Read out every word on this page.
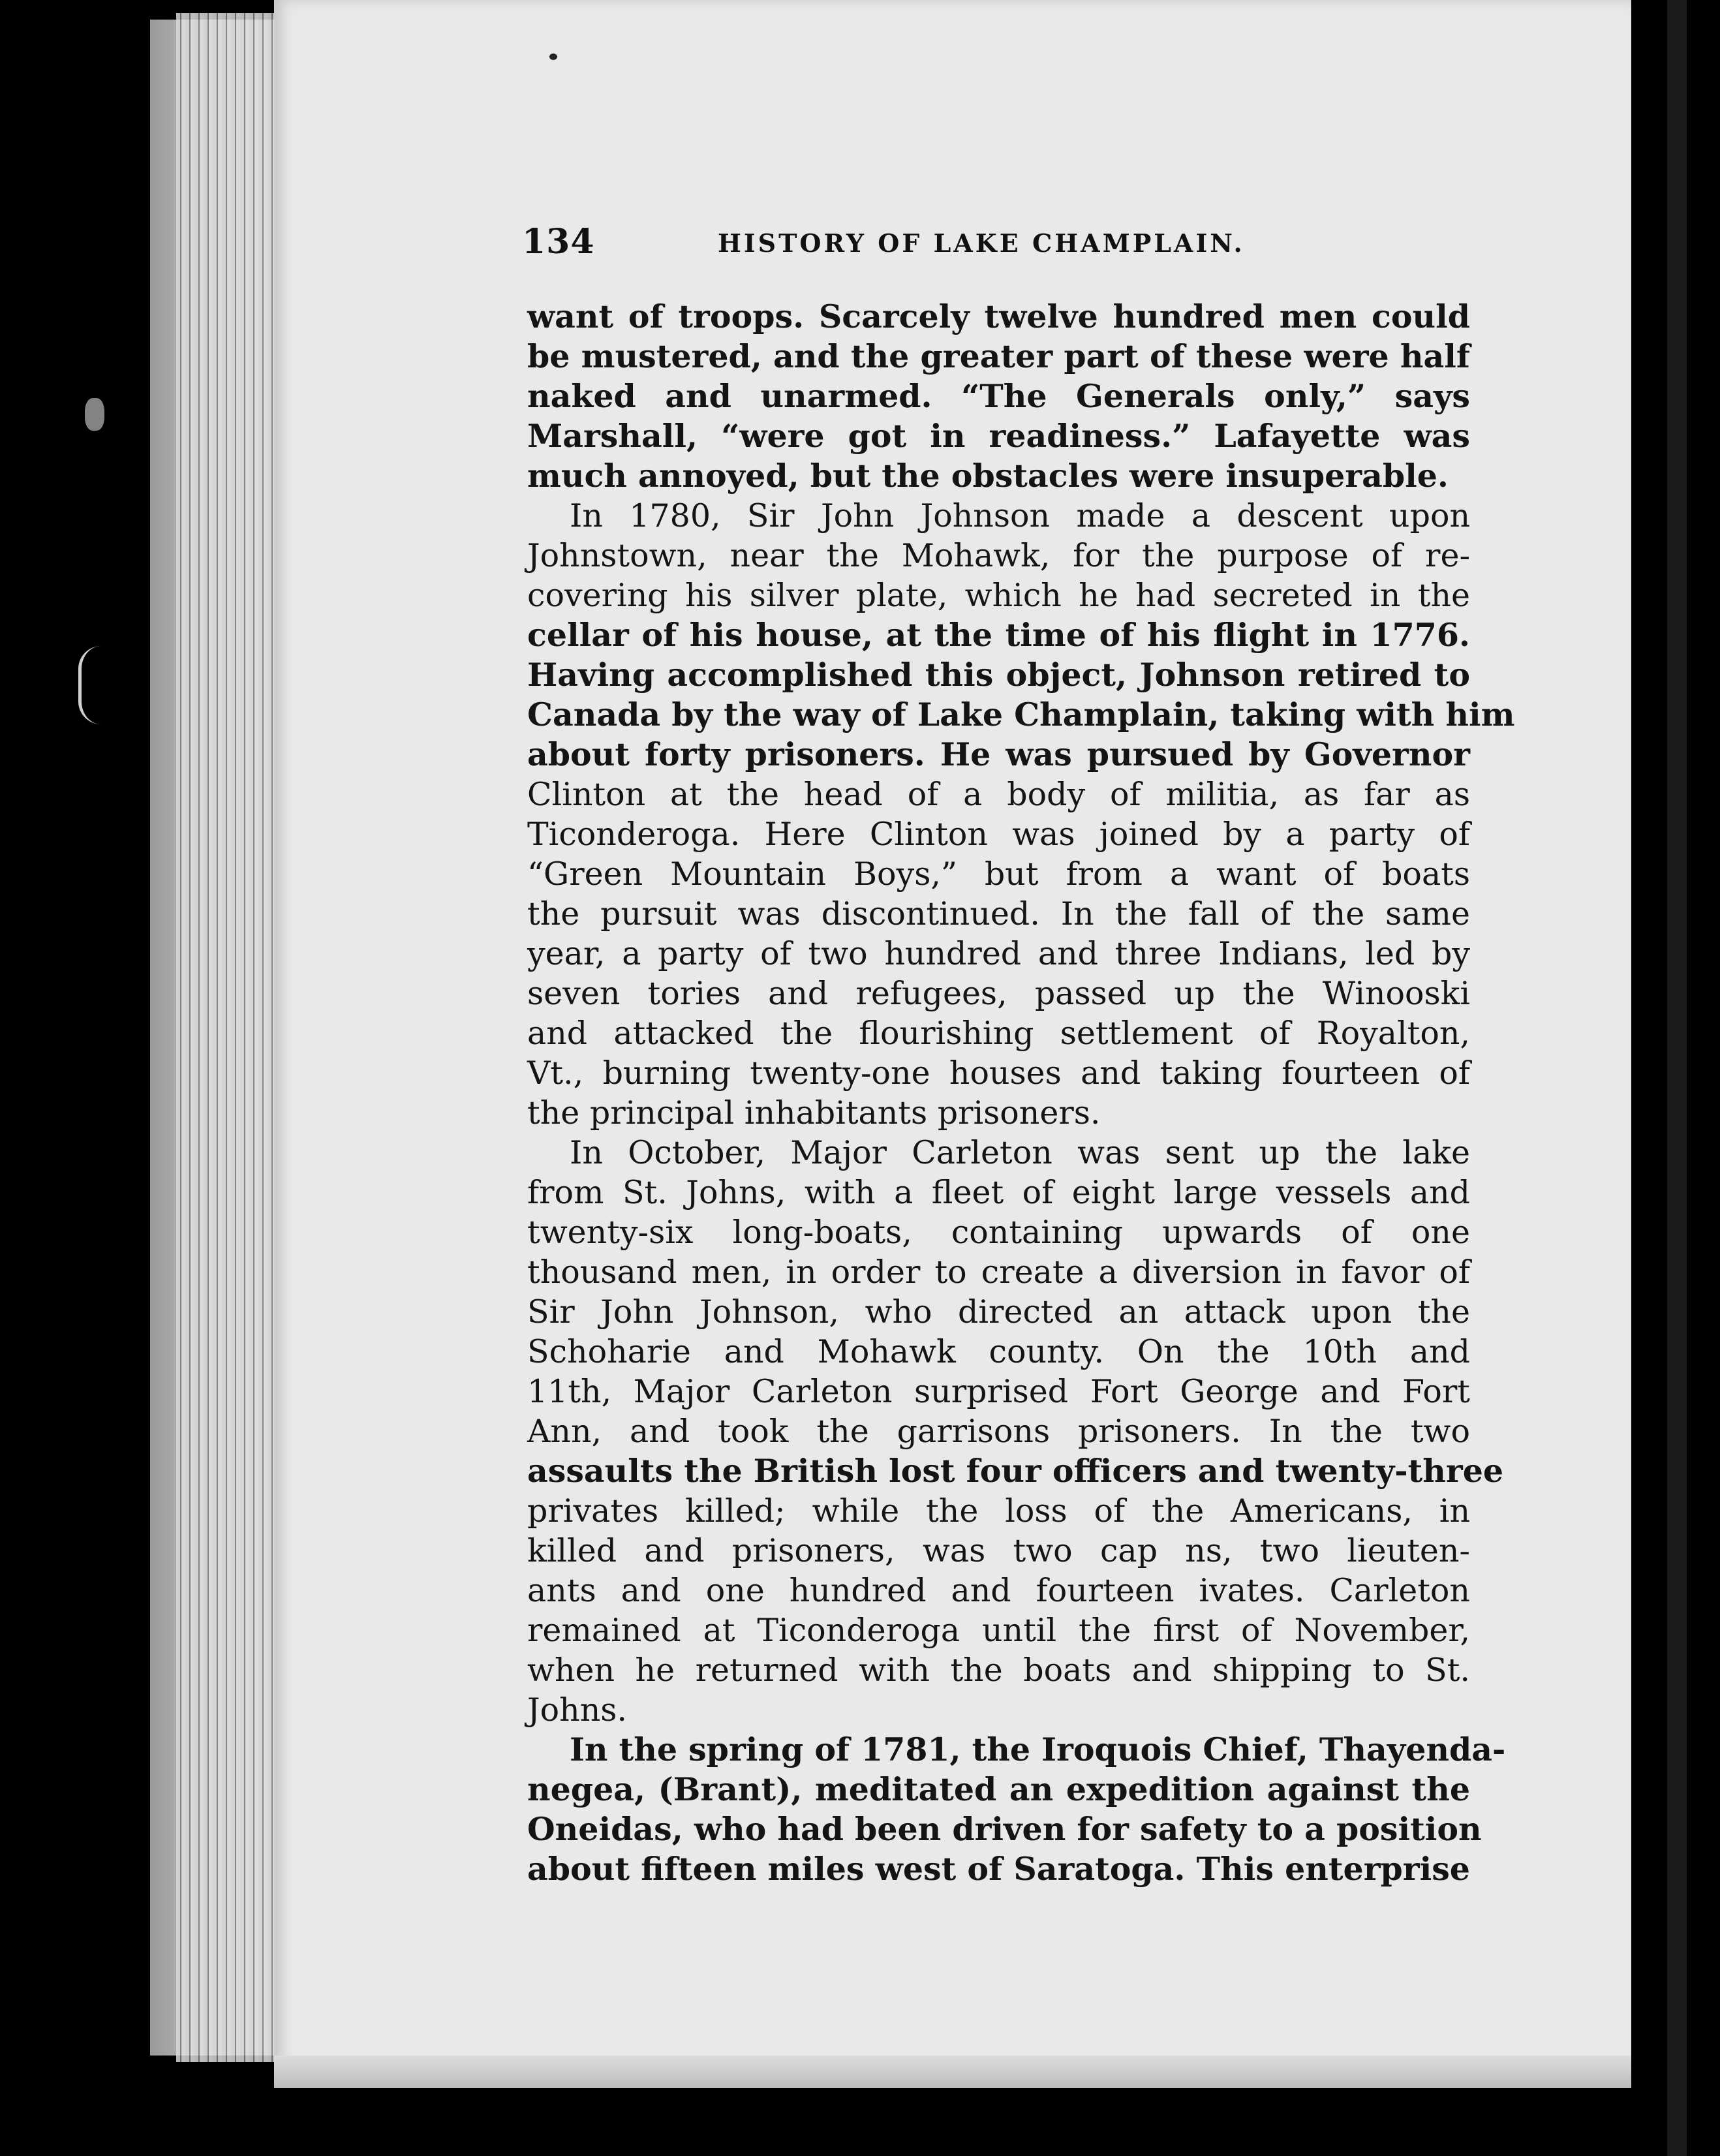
134	HISTORY OF LAKE CHAMPLAIN.
want of troops. Scarcely twelve hundred men could
be mustered, and the greater part of these were half
naked and unarmed. “The Generals only,” says
Marshall, “were got in readiness.” Lafayette was
much annoyed, but the obstacles were insuperable.
In 1780, Sir John Johnson made a descent upon
Johnstown, near the Mohawk, for the purpose of re-
covering his silver plate, which he had secreted in the
cellar of his house, at the time of his flight in 1776.
Having accomplished this object, Johnson retired to
Canada by the way of Lake Champlain, taking with him
about forty prisoners. He was pursued by Governor
Clinton at the head of a body of militia, as far as
Ticonderoga. Here Clinton was joined by a party of
“Green Mountain Boys,” but from a want of boats
the pursuit was discontinued. In the fall of the same
year, a party of two hundred and three Indians, led by
seven tories and refugees, passed up the Winooski
and attacked the flourishing settlement of Royalton,
Vt., burning twenty-one houses and taking fourteen of
the principal inhabitants prisoners.
In October, Major Carleton was sent up the lake
from St. Johns, with a fleet of eight large vessels and
twenty-six long-boats, containing upwards of one
thousand men, in order to create a diversion in favor of
Sir John Johnson, who directed an attack upon the
Schoharie and Mohawk county. On the 10th and
11th, Major Carleton surprised Fort George and Fort
Ann, and took the garrisons prisoners. In the two
assaults the British lost four officers and twenty-three
privates killed; while the loss of the Americans, in
killed and prisoners, was two cap ns, two lieuten-
ants and one hundred and fourteen ivates. Carleton
remained at Ticonderoga until the first of November,
when he returned with the boats and shipping to St.
Johns.
In the spring of 1781, the Iroquois Chief, Thayenda-
negea, (Brant), meditated an expedition against the
Oneidas, who had been driven for safety to a position
about fifteen miles west of Saratoga. This enterprise
